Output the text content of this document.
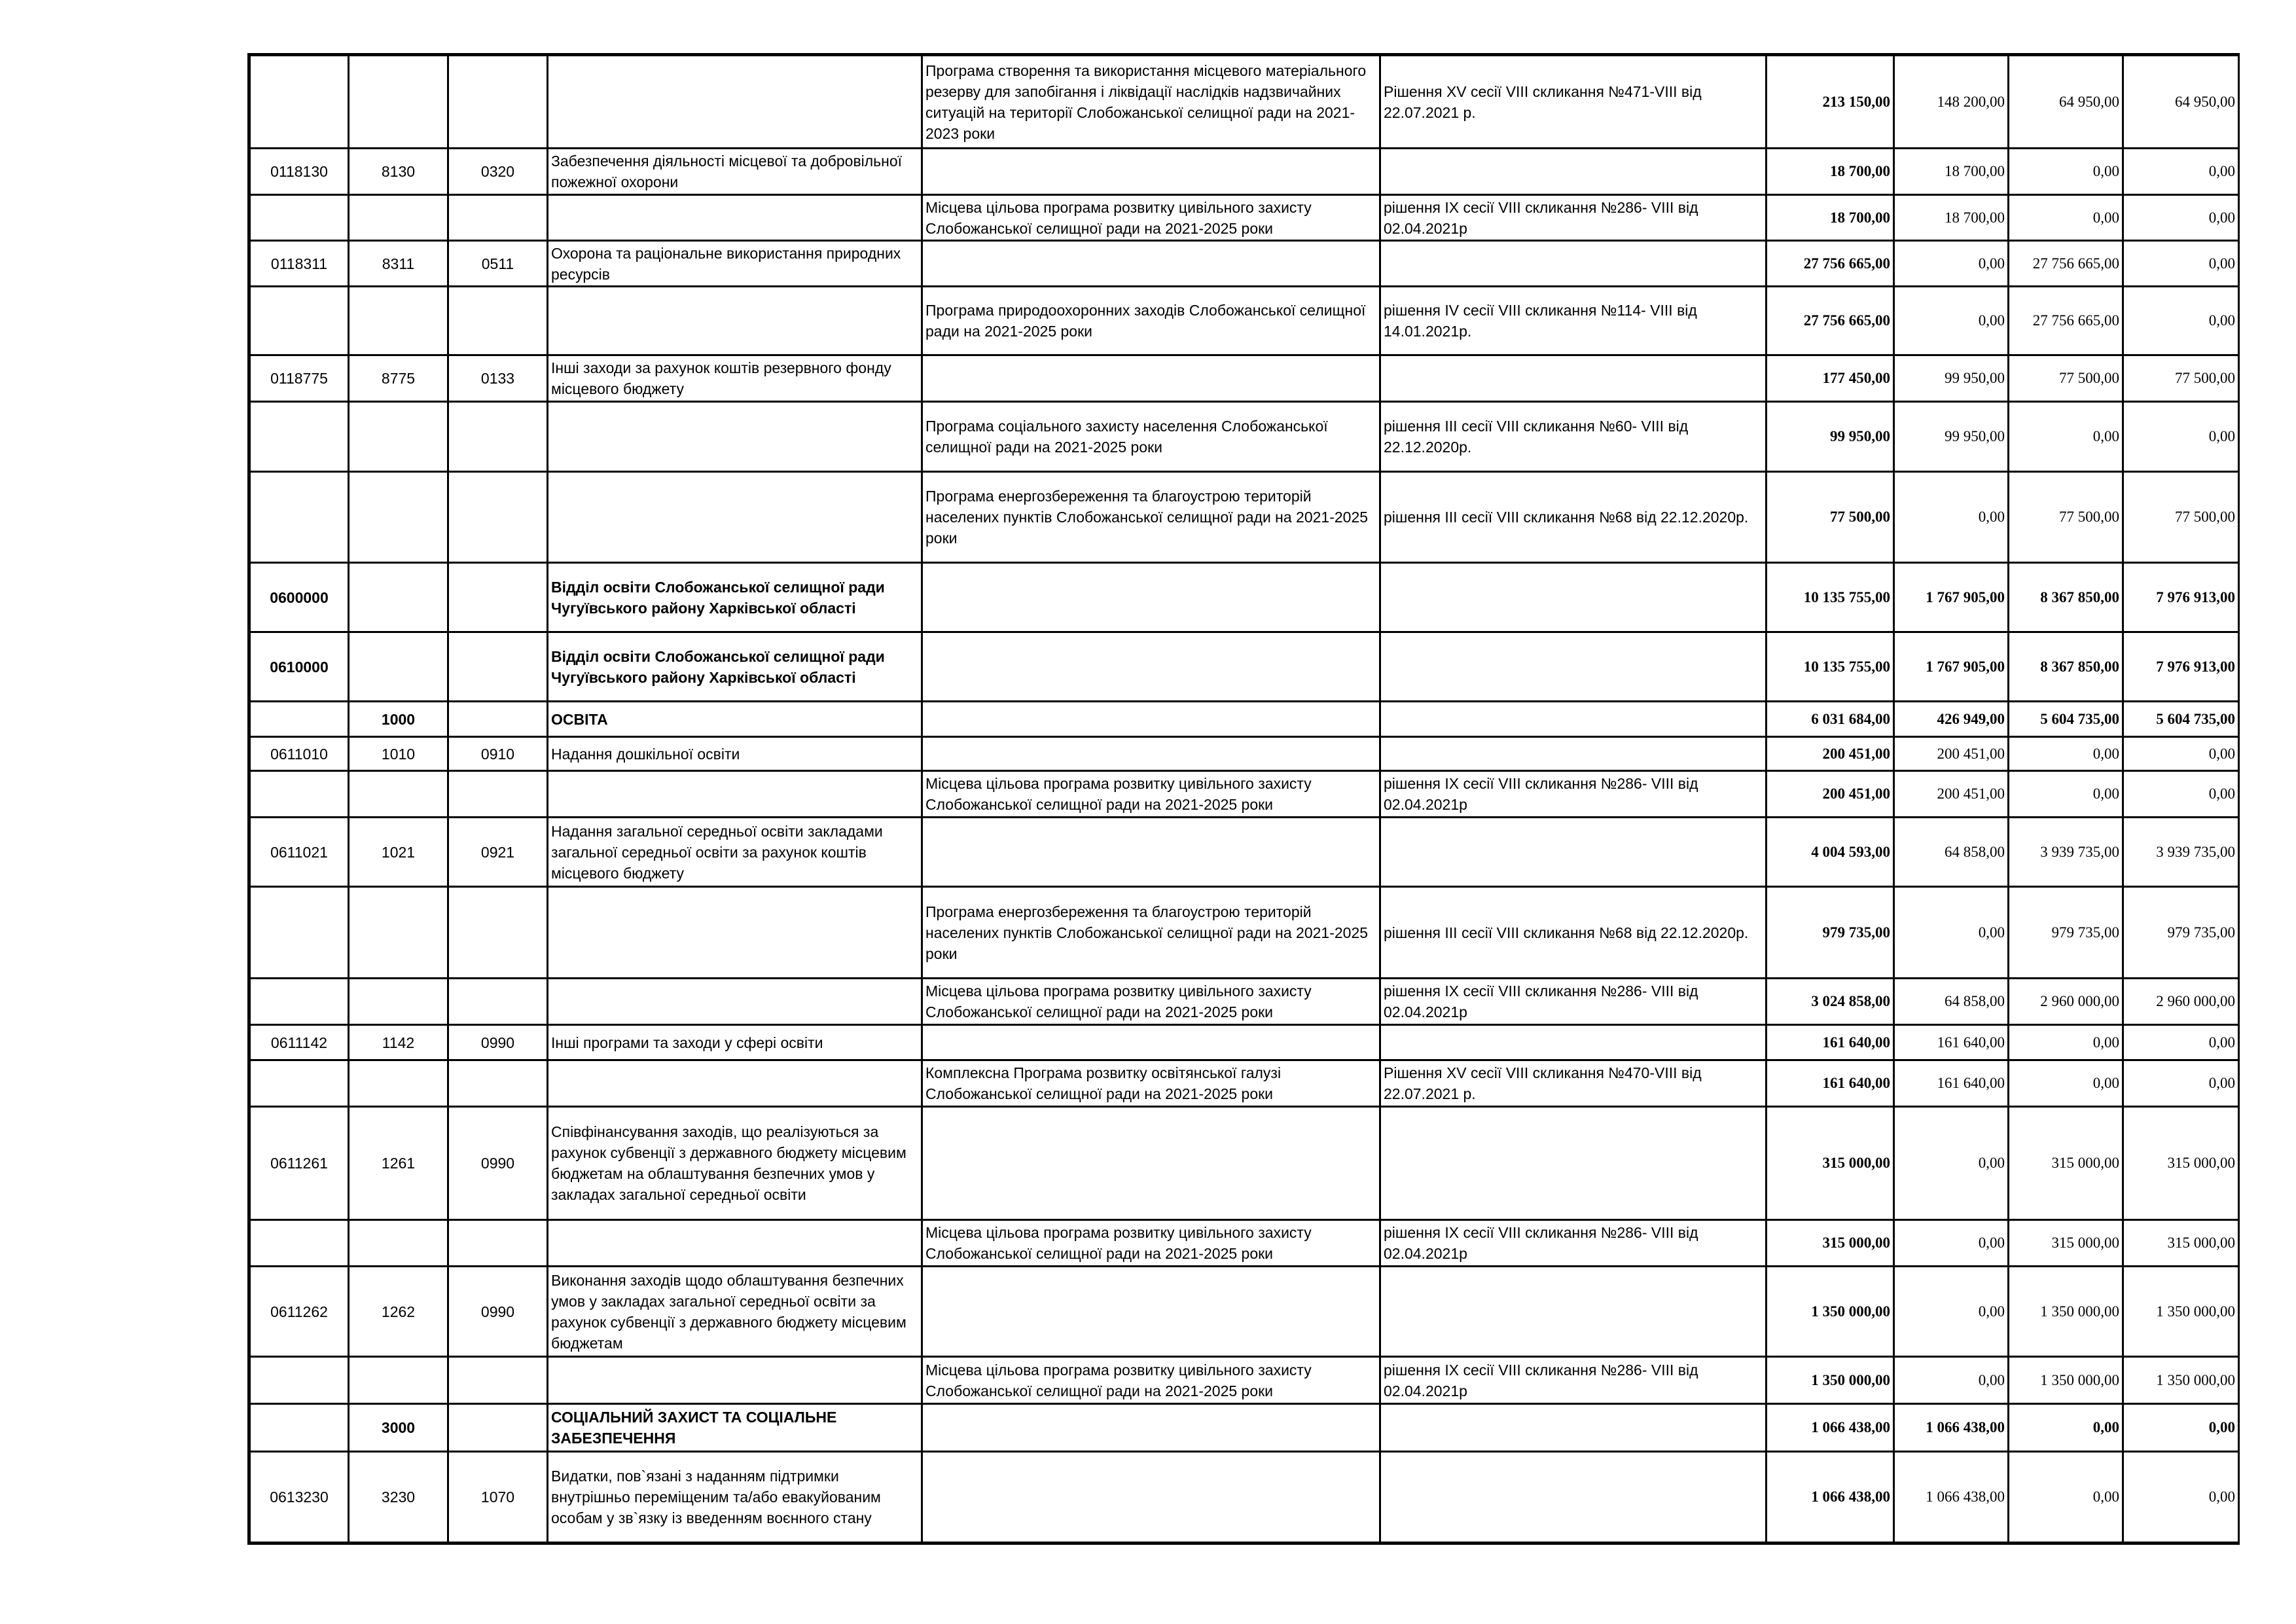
				Програма створення та використання місцевого матеріального резерву для запобігання і ліквідації наслідків надзвичайних ситуацій на території Слобожанської селищної ради на 2021-2023 роки	Рішення XV сесії VIII скликання №471-VIII від 22.07.2021 р.	213 150,00	148 200,00	64 950,00	64 950,00
0118130	8130	0320	Забезпечення діяльності місцевої та добровільної пожежної охорони			18 700,00	18 700,00	0,00	0,00
				Місцева цільова програма розвитку цивільного захисту Слобожанської селищної ради на 2021-2025 роки	рішення IX сесії VIII скликання №286- VIII від 02.04.2021р	18 700,00	18 700,00	0,00	0,00
0118311	8311	0511	Охорона та раціональне використання природних ресурсів			27 756 665,00	0,00	27 756 665,00	0,00
				Програма природоохоронних заходів Слобожанської селищної ради на 2021-2025 роки	рішення IV сесії VIII скликання №114- VIII від 14.01.2021р.	27 756 665,00	0,00	27 756 665,00	0,00
0118775	8775	0133	Інші заходи за рахунок коштів резервного фонду місцевого бюджету			177 450,00	99 950,00	77 500,00	77 500,00
				Програма соціального захисту населення Слобожанської селищної ради на 2021-2025 роки	рішення III сесії VIII скликання №60- VIII від 22.12.2020р.	99 950,00	99 950,00	0,00	0,00
				Програма енергозбереження та благоустрою територій населених пунктів Слобожанської селищної ради на 2021-2025 роки	рішення III сесії VIII скликання №68 від 22.12.2020р.	77 500,00	0,00	77 500,00	77 500,00
0600000			Відділ освіти Слобожанської селищної ради Чугуївського району Харківської області			10 135 755,00	1 767 905,00	8 367 850,00	7 976 913,00
0610000			Відділ освіти Слобожанської селищної ради Чугуївського району Харківської області			10 135 755,00	1 767 905,00	8 367 850,00	7 976 913,00
	1000		ОСВІТА			6 031 684,00	426 949,00	5 604 735,00	5 604 735,00
0611010	1010	0910	Надання дошкільної освіти			200 451,00	200 451,00	0,00	0,00
				Місцева цільова програма розвитку цивільного захисту Слобожанської селищної ради на 2021-2025 роки	рішення IX сесії VIII скликання №286- VIII від 02.04.2021р	200 451,00	200 451,00	0,00	0,00
0611021	1021	0921	Надання загальної середньої освіти закладами загальної середньої освіти за рахунок коштів місцевого бюджету			4 004 593,00	64 858,00	3 939 735,00	3 939 735,00
				Програма енергозбереження та благоустрою територій населених пунктів Слобожанської селищної ради на 2021-2025 роки	рішення III сесії VIII скликання №68 від 22.12.2020р.	979 735,00	0,00	979 735,00	979 735,00
				Місцева цільова програма розвитку цивільного захисту Слобожанської селищної ради на 2021-2025 роки	рішення IX сесії VIII скликання №286- VIII від 02.04.2021р	3 024 858,00	64 858,00	2 960 000,00	2 960 000,00
0611142	1142	0990	Інші програми та заходи у сфері освіти			161 640,00	161 640,00	0,00	0,00
				Комплексна Програма розвитку освітянської галузі Слобожанської селищної ради на 2021-2025 роки	Рішення XV сесії VIII скликання №470-VIII від 22.07.2021 р.	161 640,00	161 640,00	0,00	0,00
0611261	1261	0990	Співфінансування заходів, що реалізуються за рахунок субвенції з державного бюджету місцевим бюджетам на облаштування безпечних умов у закладах загальної середньої освіти			315 000,00	0,00	315 000,00	315 000,00
				Місцева цільова програма розвитку цивільного захисту Слобожанської селищної ради на 2021-2025 роки	рішення IX сесії VIII скликання №286- VIII від 02.04.2021р	315 000,00	0,00	315 000,00	315 000,00
0611262	1262	0990	Виконання заходів щодо облаштування безпечних умов у закладах загальної середньої освіти за рахунок субвенції з державного бюджету місцевим бюджетам			1 350 000,00	0,00	1 350 000,00	1 350 000,00
				Місцева цільова програма розвитку цивільного захисту Слобожанської селищної ради на 2021-2025 роки	рішення IX сесії VIII скликання №286- VIII від 02.04.2021р	1 350 000,00	0,00	1 350 000,00	1 350 000,00
	3000		СОЦІАЛЬНИЙ ЗАХИСТ ТА СОЦІАЛЬНЕ ЗАБЕЗПЕЧЕННЯ			1 066 438,00	1 066 438,00	0,00	0,00
0613230	3230	1070	Видатки, пов`язані з наданням підтримки внутрішньо переміщеним та/або евакуйованим особам у зв`язку із введенням воєнного стану			1 066 438,00	1 066 438,00	0,00	0,00
